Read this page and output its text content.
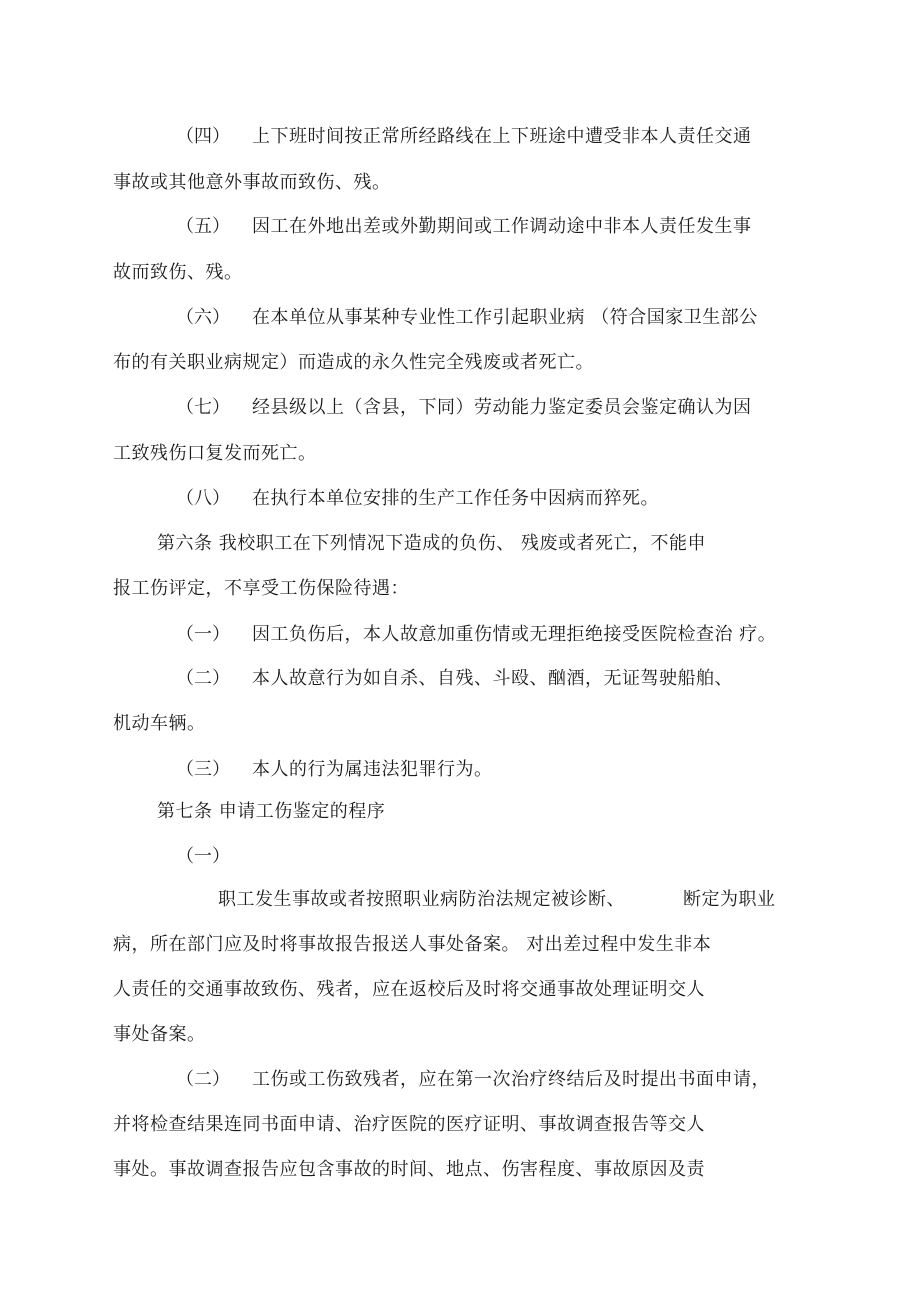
（四） 上下班时间按正常所经路线在上下班途中遭受非本人责任交通
事故或其他意外事故而致伤、残。
（五） 因工在外地出差或外勤期间或工作调动途中非本人责任发生事
故而致伤、残。
（六） 在本单位从事某种专业性工作引起职业病 （符合国家卫生部公
布的有关职业病规定）而造成的永久性完全残废或者死亡。
（七） 经县级以上（含县，下同）劳动能力鉴定委员会鉴定确认为因
工致残伤口复发而死亡。
（八） 在执行本单位安排的生产工作任务中因病而猝死。
第六条 我校职工在下列情况下造成的负伤、 残废或者死亡，不能申
报工伤评定，不享受工伤保险待遇：
（一） 因工负伤后，本人故意加重伤情或无理拒绝接受医院检查治 疗。
（二） 本人故意行为如自杀、自残、斗殴、酗酒，无证驾驶船舶、
机动车辆。
（三） 本人的行为属违法犯罪行为。
第七条 申请工伤鉴定的程序
（一）
职工发生事故或者按照职业病防治法规定被诊断、	断定为职业
病，所在部门应及时将事故报告报送人事处备案。 对出差过程中发生非本
人责任的交通事故致伤、残者，应在返校后及时将交通事故处理证明交人
事处备案。
（二） 工伤或工伤致残者，应在第一次治疗终结后及时提出书面申请，
并将检查结果连同书面申请、治疗医院的医疗证明、事故调查报告等交人
事处。事故调查报告应包含事故的时间、地点、伤害程度、事故原因及责
